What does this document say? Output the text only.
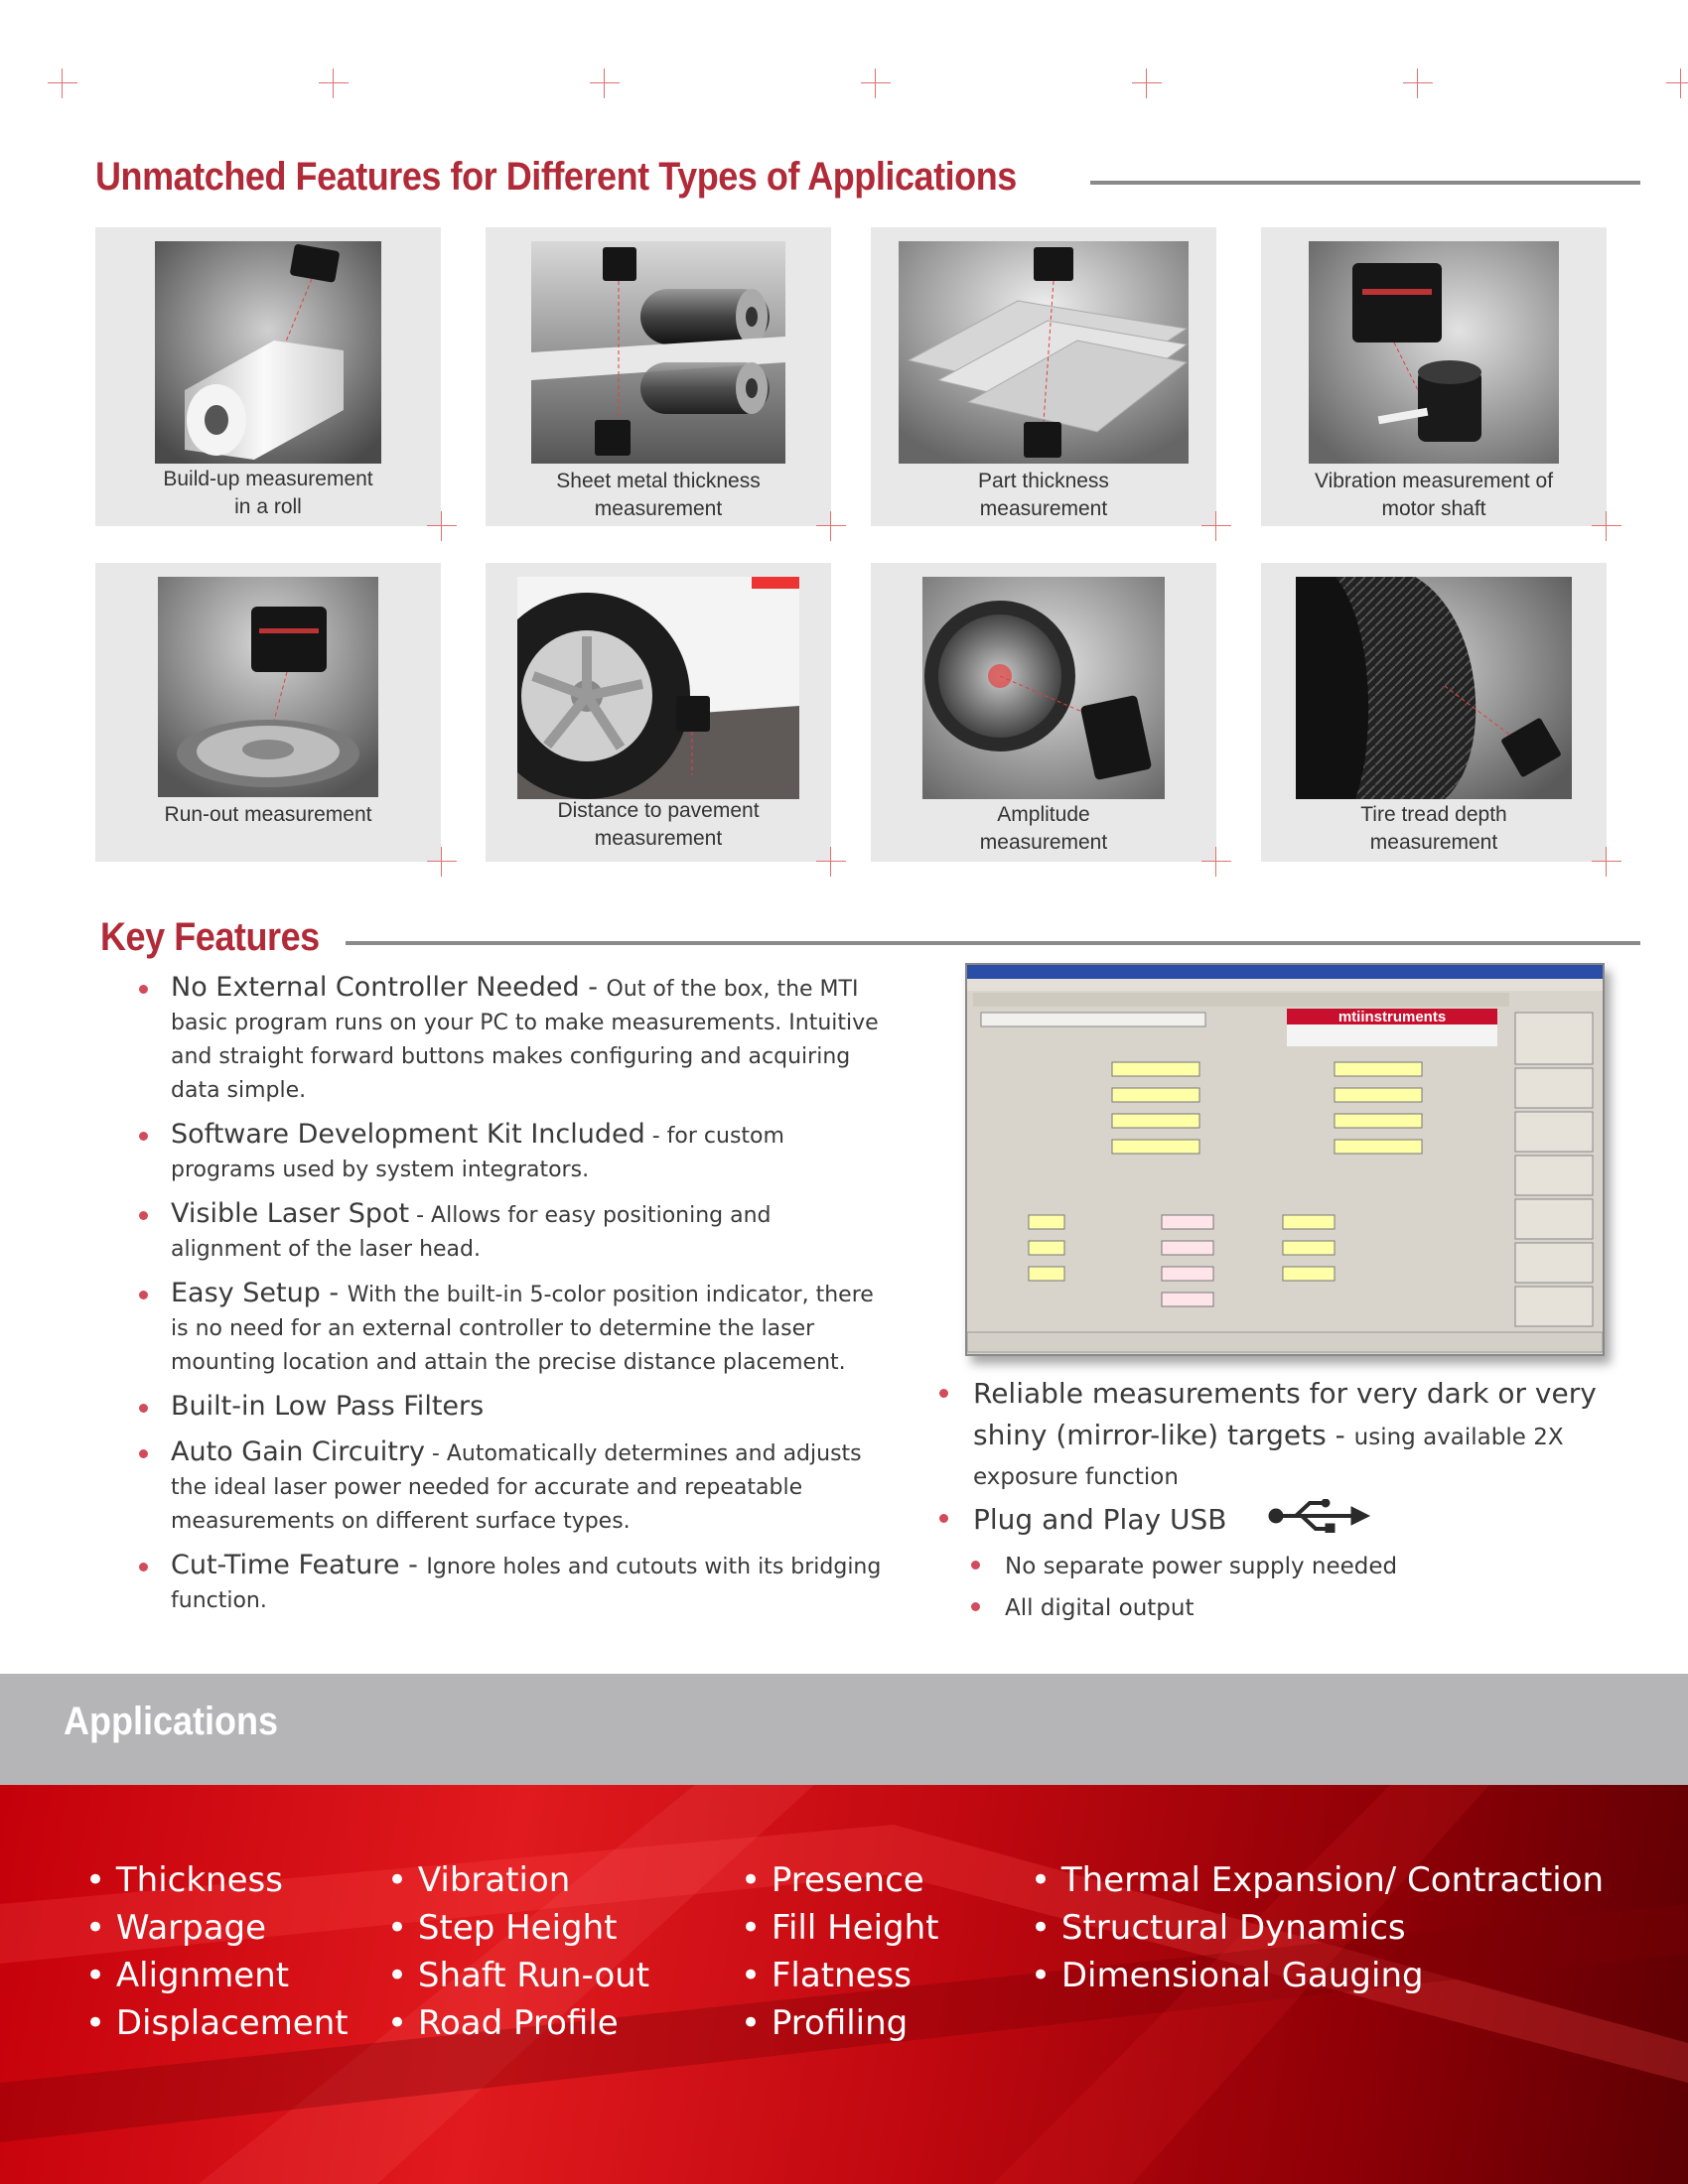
Unmatched Features for Different Types of Applications
Build-up measurement
in a roll
Sheet metal thickness
measurement
Part thickness
measurement
Vibration measurement of
motor shaft
Run-out measurement	Distance to pavement
measurement
Amplitude
measurement
Tire tread depth
measurement
Key Features
No External Controller Needed - Out of the box, the MTI basic program runs on your PC to make measurements. Intuitive and straight forward buttons makes configuring and acquiring data simple.
Software Development Kit Included - for custom programs used by system integrators.
Visible Laser Spot - Allows for easy positioning and alignment of the laser head.
Easy Setup - With the built-in 5-color position indicator, there is no need for an external controller to determine the laser mounting location and attain the precise distance placement.
Built-in Low Pass Filters
Auto Gain Circuitry - Automatically determines and adjusts the ideal laser power needed for accurate and repeatable measurements on different surface types.
Cut-Time Feature - Ignore holes and cutouts with its bridging function.
mtiinstruments
Reliable measurements for very dark or very shiny (mirror-like) targets - using available 2X exposure function
Plug and Play USB
No separate power supply needed
All digital output
Applications
• Thickness
• Warpage
• Alignment
• Displacement
• Vibration
• Step Height
• Shaft Run-out
• Road Profile
• Presence
• Fill Height
• Flatness
• Profiling
• Thermal Expansion/ Contraction
• Structural Dynamics
• Dimensional Gauging
